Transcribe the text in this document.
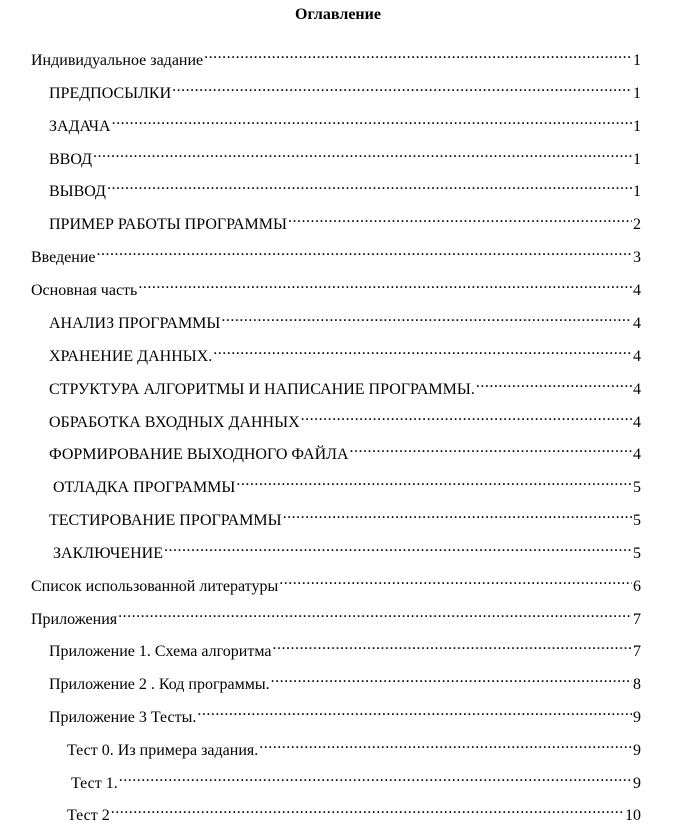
Оглавление
Индивидуальное задание .....	1
ПРЕДПОСЫЛКИ .....	1
ЗАДАЧА .....	1
ВВОД .....	1
ВЫВОД .....	1
ПРИМЕР РАБОТЫ ПРОГРАММЫ .....	2
Введение .....	3
Основная часть .....	4
АНАЛИЗ ПРОГРАММЫ .....	4
ХРАНЕНИЕ ДАННЫХ. .....	4
СТРУКТУРА АЛГОРИТМЫ И НАПИСАНИЕ ПРОГРАММЫ. .....	4
ОБРАБОТКА ВХОДНЫХ ДАННЫХ .....	4
ФОРМИРОВАНИЕ ВЫХОДНОГО ФАЙЛА .....	4
ОТЛАДКА ПРОГРАММЫ .....	5
ТЕСТИРОВАНИЕ ПРОГРАММЫ .....	5
ЗАКЛЮЧЕНИЕ .....	5
Список использованной литературы .....	6
Приложения .....	7
Приложение 1. Схема алгоритма .....	7
Приложение 2 . Код программы. .....	8
Приложение 3 Тесты. .....	9
Тест 0. Из примера задания. .....	9
Тест 1. .....	9
Тест 2 .....	10
